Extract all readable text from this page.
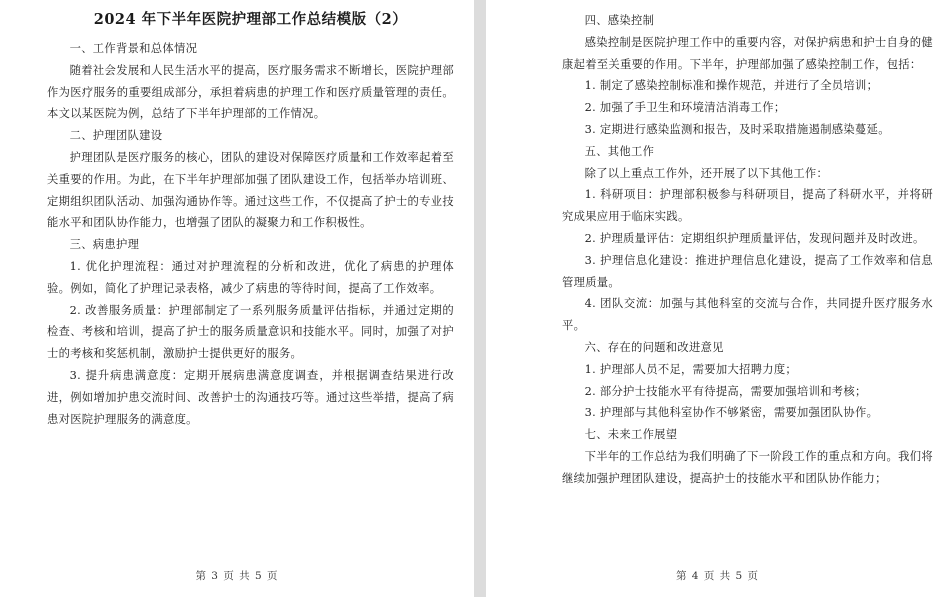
2024 年下半年医院护理部工作总结模版（2）

一、工作背景和总体情况

随着社会发展和人民生活水平的提高，医疗服务需求不断增长，医院护理部作为医疗服务的重要组成部分，承担着病患的护理工作和医疗质量管理的责任。本文以某医院为例，总结了下半年护理部的工作情况。

二、护理团队建设

护理团队是医疗服务的核心，团队的建设对保障医疗质量和工作效率起着至关重要的作用。为此，在下半年护理部加强了团队建设工作，包括举办培训班、定期组织团队活动、加强沟通协作等。通过这些工作，不仅提高了护士的专业技能水平和团队协作能力，也增强了团队的凝聚力和工作积极性。

三、病患护理

1. 优化护理流程：通过对护理流程的分析和改进，优化了病患的护理体验。例如，简化了护理记录表格，减少了病患的等待时间，提高了工作效率。

2. 改善服务质量：护理部制定了一系列服务质量评估指标，并通过定期的检查、考核和培训，提高了护士的服务质量意识和技能水平。同时，加强了对护士的考核和奖惩机制，激励护士提供更好的服务。

3. 提升病患满意度：定期开展病患满意度调查，并根据调查结果进行改进，例如增加护患交流时间、改善护士的沟通技巧等。通过这些举措，提高了病患对医院护理服务的满意度。

第 3 页 共 5 页

四、感染控制

感染控制是医院护理工作中的重要内容，对保护病患和护士自身的健康起着至关重要的作用。下半年，护理部加强了感染控制工作，包括：

1. 制定了感染控制标准和操作规范，并进行了全员培训；

2. 加强了手卫生和环境清洁消毒工作；

3. 定期进行感染监测和报告，及时采取措施遏制感染蔓延。

五、其他工作

除了以上重点工作外，还开展了以下其他工作：

1. 科研项目：护理部积极参与科研项目，提高了科研水平，并将研究成果应用于临床实践。

2. 护理质量评估：定期组织护理质量评估，发现问题并及时改进。

3. 护理信息化建设：推进护理信息化建设，提高了工作效率和信息管理质量。

4. 团队交流：加强与其他科室的交流与合作，共同提升医疗服务水平。

六、存在的问题和改进意见

1. 护理部人员不足，需要加大招聘力度；

2. 部分护士技能水平有待提高，需要加强培训和考核；

3. 护理部与其他科室协作不够紧密，需要加强团队协作。

七、未来工作展望

下半年的工作总结为我们明确了下一阶段工作的重点和方向。我们将继续加强护理团队建设，提高护士的技能水平和团队协作能力；

第 4 页 共 5 页
